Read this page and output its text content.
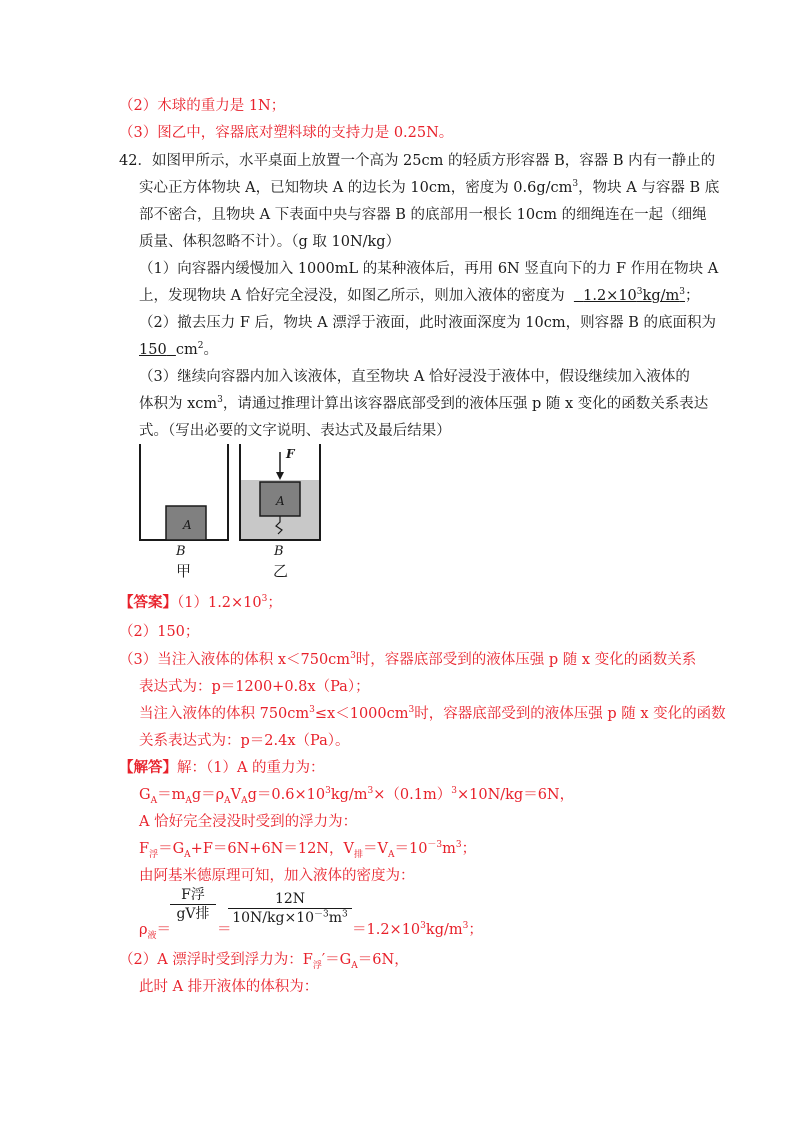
（2）木球的重力是 1N；
（3）图乙中，容器底对塑料球的支持力是 0.25N。
42．如图甲所示，水平桌面上放置一个高为 25cm 的轻质方形容器 B，容器 B 内有一静止的
实心正方体物块 A，已知物块 A 的边长为 10cm，密度为 $0.6g/cm^3$，物块 A 与容器 B 底
部不密合，且物块 A 下表面中央与容器 B 的底部用一根长 10cm 的细绳连在一起（细绳
质量、体积忽略不计）。（g 取 10N/kg）
（1）向容器内缓慢加入 1000mL 的某种液体后，再用 6N 竖直向下的力 F 作用在物块 A
上，发现物块 A 恰好完全浸没，如图乙所示，则加入液体的密度为 $1.2\times 10^3kg/m^3$；
（2）撤去压力 F 后，物块 A 漂浮于液面，此时液面深度为 10cm，则容器 B 的底面积为
150 $cm^2$。
（3）继续向容器内加入该液体，直至物块 A 恰好浸没于液体中，假设继续加入液体的
体积为 xcm$^3$，请通过推理计算出该容器底部受到的液体压强 p 随 x 变化的函数关系表达
式。（写出必要的文字说明、表达式及最后结果）
A
B
甲
A
F
B
乙
【答案】$(1)1.2\times 10^3$；
（2）150；
（3）当注入液体的体积 $x<750cm^3$时，容器底部受到的液体压强 p 随 x 变化的函数关系
表达式为：p＝1200+0.8x（Pa）；
当注入液体的体积 $750cm^3\le x<1000cm^3$时，容器底部受到的液体压强 p 随 x 变化的函数
关系表达式为：p＝2.4x（Pa）。
【解答】解：（1）A 的重力为：
$G_A=m_Ag=\rho_AV_Ag=0.6\times 10^3kg/m^3\times(0.1m)^3\times 10N/kg=6N$，
A 恰好完全浸没时受到的浮力为：
$F_浮=G_A+F=6N+6N=12N$，$V_排=V_A=10^{-3}m^3$；
由阿基米德原理可知，加入液体的密度为：
$\rho_液=$
F浮
gV排
＝
12N
$10N/kg\times 10^{-3}m^3$
$=1.2\times 10^3kg/m^3$；
（2）A 漂浮时受到浮力为：$F_浮'=G_A=6N$，
此时 A 排开液体的体积为：
